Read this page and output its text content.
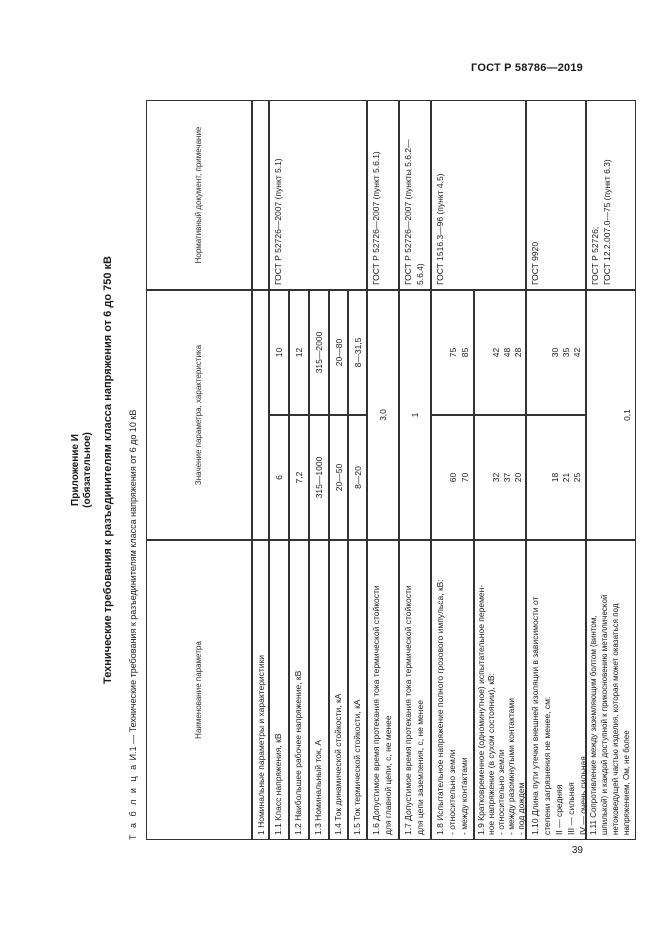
ГОСТ Р 58786—2019
39
Приложение И (обязательное) Технические требования к разъединителям класса напряжения от 6 до 750 кВ
Т а б л и ц а И.1 — Технические требования к разъединителям класса напряжения от 6 до 10 кВ	Наименование параметра
Значение параметра, характеристика
Нормативный документ, примечание
1 Номинальные параметры и характеристики 1.1 Класс напряжения, кВ
6
10
ГОСТ Р 52726—2007 (пункт 5.1)
1.2 Наибольшее рабочее напряжение, кВ
7,2
12
1.3 Номинальный ток, А
315—1000
315—2000
1.4 Ток динамической стойкости, кА
20—50
20—80
1.5 Ток термической стойкости, кА
8—20
8—31,5
1.6 Допустимое время протекания тока термической стойкости для главной цепи, с, не менее
3,0
ГОСТ Р 52726—2007 (пункт 5.6.1)
1.7 Допустимое время протекания тока термической стойкости для цепи заземления, с, не менее
1
ГОСТ Р 52726—2007 (пункты 5.6.2— 5.6.4)
1.8 Испытательное напряжение полного грозового импульса, кВ: - относительно земли - между контактами
60 70
75 85
ГОСТ 1516.3—96 (пункт 4.5)
1.9 Кратковременное (одноминутное) испытательное перемен- ное напряжение (в сухом состоянии), кВ: - относительно земли - между разомкнутыми контактами - под дождем
32 37 20
42 48 28
1.10 Длина пути утечки внешней изоляции в зависимости от степени загрязнения не менее, см: II — средняя III — сильная IV — очень сильная
18 21 25
30 35 42
ГОСТ 9920
1.11 Сопротивление между заземляющим болтом (винтом, шпилькой) и каждой доступной к прикосновению металлической нетоковедущей частью изделия, которая может оказаться под напряжением, Ом, не более
0,1
ГОСТ Р 52726; ГОСТ 12.2.007.0—75 (пункт 6.3)
